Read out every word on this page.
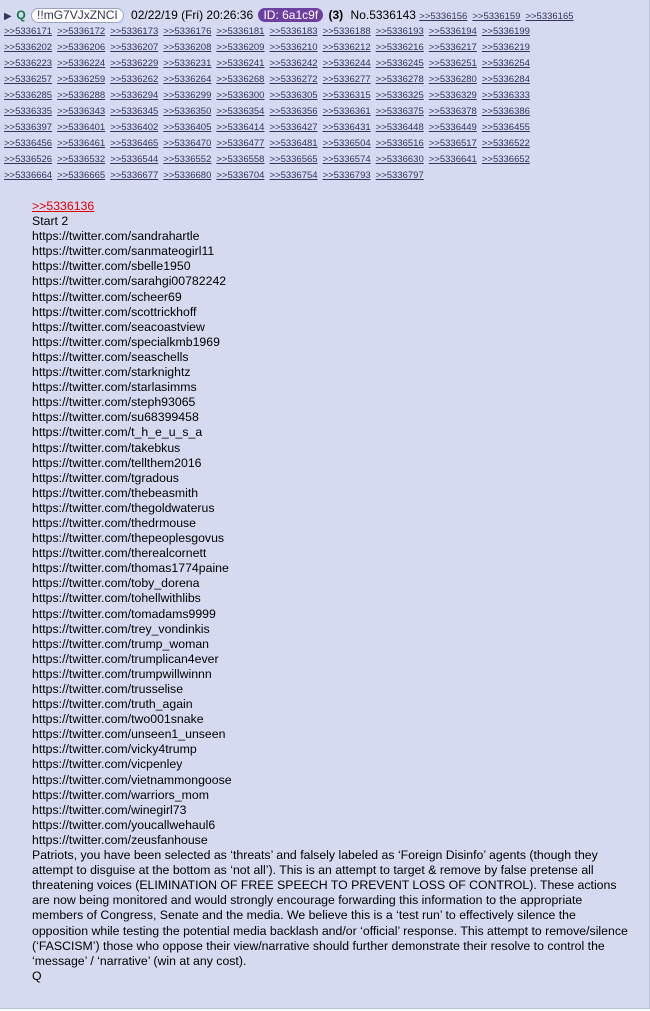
▶ Q !!mG7VJxZNCI 02/22/19 (Fri) 20:26:36 ID: 6a1c9f (3) No.5336143 >>5336156 >>5336159 >>5336165
>>5336171 >>5336172 >>5336173 >>5336176 >>5336181 >>5336183 >>5336188 >>5336193 >>5336194 >>5336199
>>5336202 >>5336206 >>5336207 >>5336208 >>5336209 >>5336210 >>5336212 >>5336216 >>5336217 >>5336219
>>5336223 >>5336224 >>5336229 >>5336231 >>5336241 >>5336242 >>5336244 >>5336245 >>5336251 >>5336254
>>5336257 >>5336259 >>5336262 >>5336264 >>5336268 >>5336272 >>5336277 >>5336278 >>5336280 >>5336284
>>5336285 >>5336288 >>5336294 >>5336299 >>5336300 >>5336305 >>5336315 >>5336325 >>5336329 >>5336333
>>5336335 >>5336343 >>5336345 >>5336350 >>5336354 >>5336356 >>5336361 >>5336375 >>5336378 >>5336386
>>5336397 >>5336401 >>5336402 >>5336405 >>5336414 >>5336427 >>5336431 >>5336448 >>5336449 >>5336455
>>5336456 >>5336461 >>5336465 >>5336470 >>5336477 >>5336481 >>5336504 >>5336516 >>5336517 >>5336522
>>5336526 >>5336532 >>5336544 >>5336552 >>5336558 >>5336565 >>5336574 >>5336630 >>5336641 >>5336652
>>5336664 >>5336665 >>5336677 >>5336680 >>5336704 >>5336754 >>5336793 >>5336797
>>5336136
Start 2
https://twitter.com/sandrahartle
https://twitter.com/sanmateogirl11
https://twitter.com/sbelle1950
https://twitter.com/sarahgi00782242
https://twitter.com/scheer69
https://twitter.com/scottrickhoff
https://twitter.com/seacoastview
https://twitter.com/specialkmb1969
https://twitter.com/seaschells
https://twitter.com/starknightz
https://twitter.com/starlasimms
https://twitter.com/steph93065
https://twitter.com/su68399458
https://twitter.com/t_h_e_u_s_a
https://twitter.com/takebkus
https://twitter.com/tellthem2016
https://twitter.com/tgradous
https://twitter.com/thebeasmith
https://twitter.com/thegoldwaterus
https://twitter.com/thedrmouse
https://twitter.com/thepeoplesgovus
https://twitter.com/therealcornett
https://twitter.com/thomas1774paine
https://twitter.com/toby_dorena
https://twitter.com/tohellwithlibs
https://twitter.com/tomadams9999
https://twitter.com/trey_vondinkis
https://twitter.com/trump_woman
https://twitter.com/trumplican4ever
https://twitter.com/trumpwillwinnn
https://twitter.com/trusselise
https://twitter.com/truth_again
https://twitter.com/two001snake
https://twitter.com/unseen1_unseen
https://twitter.com/vicky4trump
https://twitter.com/vicpenley
https://twitter.com/vietnammongoose
https://twitter.com/warriors_mom
https://twitter.com/winegirl73
https://twitter.com/youcallwehaul6
https://twitter.com/zeusfanhouse
Patriots, you have been selected as ‘threats’ and falsely labeled as ‘Foreign Disinfo’ agents (though they attempt to disguise at the bottom as ‘not all’). This is an attempt to target & remove by false pretense all threatening voices (ELIMINATION OF FREE SPEECH TO PREVENT LOSS OF CONTROL). These actions are now being monitored and would strongly encourage forwarding this information to the appropriate members of Congress, Senate and the media. We believe this is a ‘test run’ to effectively silence the opposition while testing the potential media backlash and/or ‘official’ response. This attempt to remove/silence (‘FASCISM’) those who oppose their view/narrative should further demonstrate their resolve to control the ‘message’ / ‘narrative’ (win at any cost).
Q
